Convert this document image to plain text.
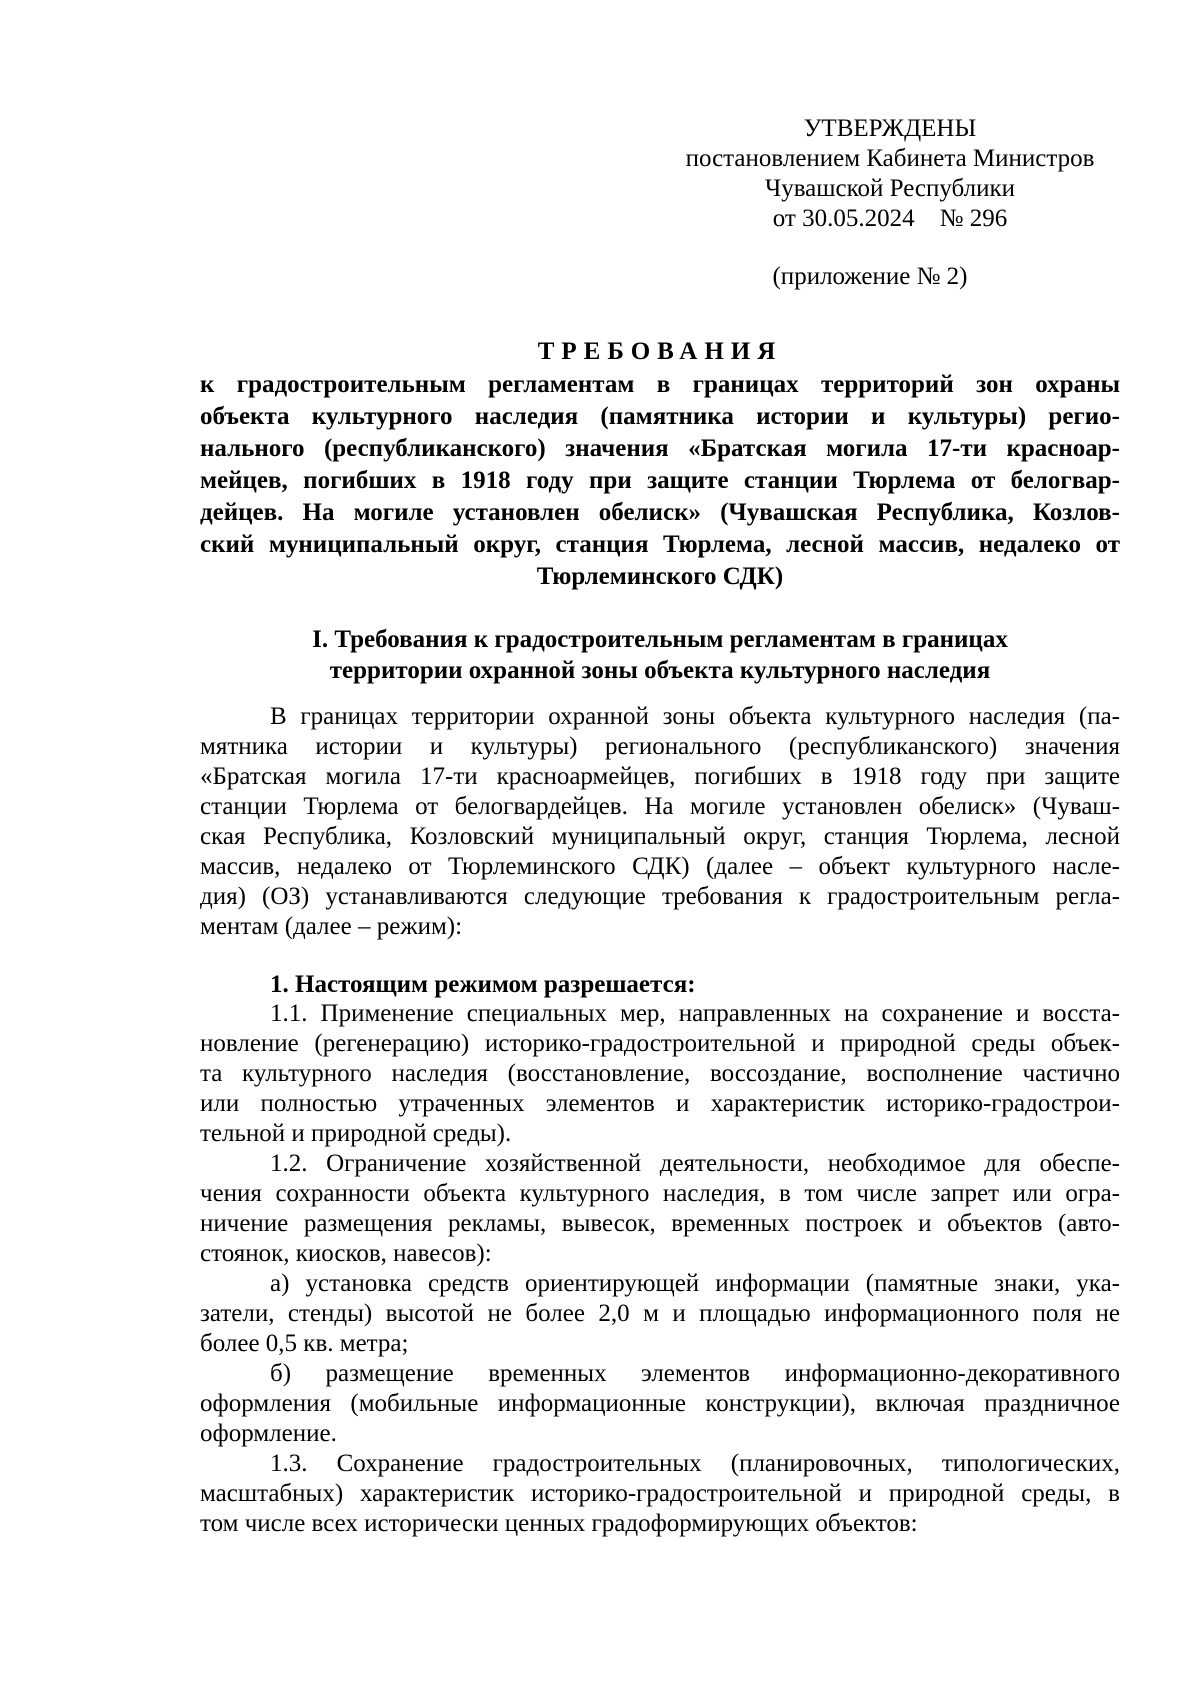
УТВЕРЖДЕНЫ
постановлением Кабинета Министров
Чувашской Республики
от 30.05.2024    № 296
(приложение № 2)
ТРЕБОВАНИЯ
к градостроительным регламентам в границах территорий зон охраны
объекта культурного наследия (памятника истории и культуры) регио-
нального (республиканского) значения «Братская могила 17-ти красноар-
мейцев, погибших в 1918 году при защите станции Тюрлема от белогвар-
дейцев. На могиле установлен обелиск» (Чувашская Республика, Козлов-
ский муниципальный округ, станция Тюрлема, лесной массив, недалеко от
Тюрлеминского СДК)
I. Требования к градостроительным регламентам в границах
территории охранной зоны объекта культурного наследия
В границах территории охранной зоны объекта культурного наследия (па-
мятника истории и культуры) регионального (республиканского) значения
«Братская могила 17-ти красноармейцев, погибших в 1918 году при защите
станции Тюрлема от белогвардейцев. На могиле установлен обелиск» (Чуваш-
ская Республика, Козловский муниципальный округ, станция Тюрлема, лесной
массив, недалеко от Тюрлеминского СДК) (далее – объект культурного насле-
дия) (ОЗ) устанавливаются следующие требования к градостроительным регла-
ментам (далее – режим):
1. Настоящим режимом разрешается:
1.1. Применение специальных мер, направленных на сохранение и восста-
новление (регенерацию) историко-градостроительной и природной среды объек-
та культурного наследия (восстановление, воссоздание, восполнение частично
или полностью утраченных элементов и характеристик историко-градострои-
тельной и природной среды).
1.2. Ограничение хозяйственной деятельности, необходимое для обеспе-
чения сохранности объекта культурного наследия, в том числе запрет или огра-
ничение размещения рекламы, вывесок, временных построек и объектов (авто-
стоянок, киосков, навесов):
а) установка средств ориентирующей информации (памятные знаки, ука-
затели, стенды) высотой не более 2,0 м и площадью информационного поля не
более 0,5 кв. метра;
б) размещение временных элементов информационно-декоративного
оформления (мобильные информационные конструкции), включая праздничное
оформление.
1.3. Сохранение градостроительных (планировочных, типологических,
масштабных) характеристик историко-градостроительной и природной среды, в
том числе всех исторически ценных градоформирующих объектов:
